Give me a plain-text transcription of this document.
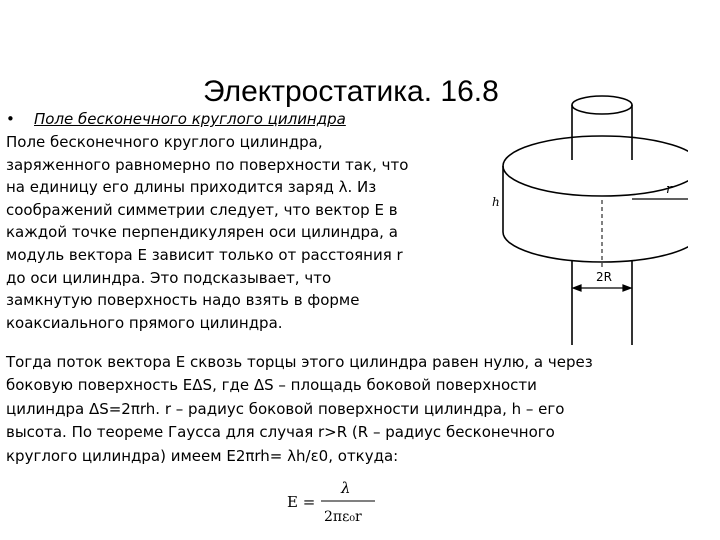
Электростатика. 16.8
h
r
2R
• Поле бесконечного круглого цилиндра

Поле бесконечного круглого цилиндра,
заряженного равномерно по поверхности так, что
на единицу его длины приходится заряд λ. Из
соображений симметрии следует, что вектор E в
каждой точке перпендикулярен оси цилиндра, а
модуль вектора E зависит только от расстояния r
до оси цилиндра. Это подсказывает, что
замкнутую поверхность надо взять в форме
коаксиального прямого цилиндра.

Тогда поток вектора E сквозь торцы этого цилиндра равен нулю, а через
боковую поверхность EΔS, где ΔS – площадь боковой поверхности
цилиндра ΔS=2πrh. r – радиус боковой поверхности цилиндра, h – его
высота. По теореме Гаусса для случая r>R (R – радиус бесконечного
круглого цилиндра) имеем E2πrh= λh/ε0, откуда:

E =
λ
2πε₀r
